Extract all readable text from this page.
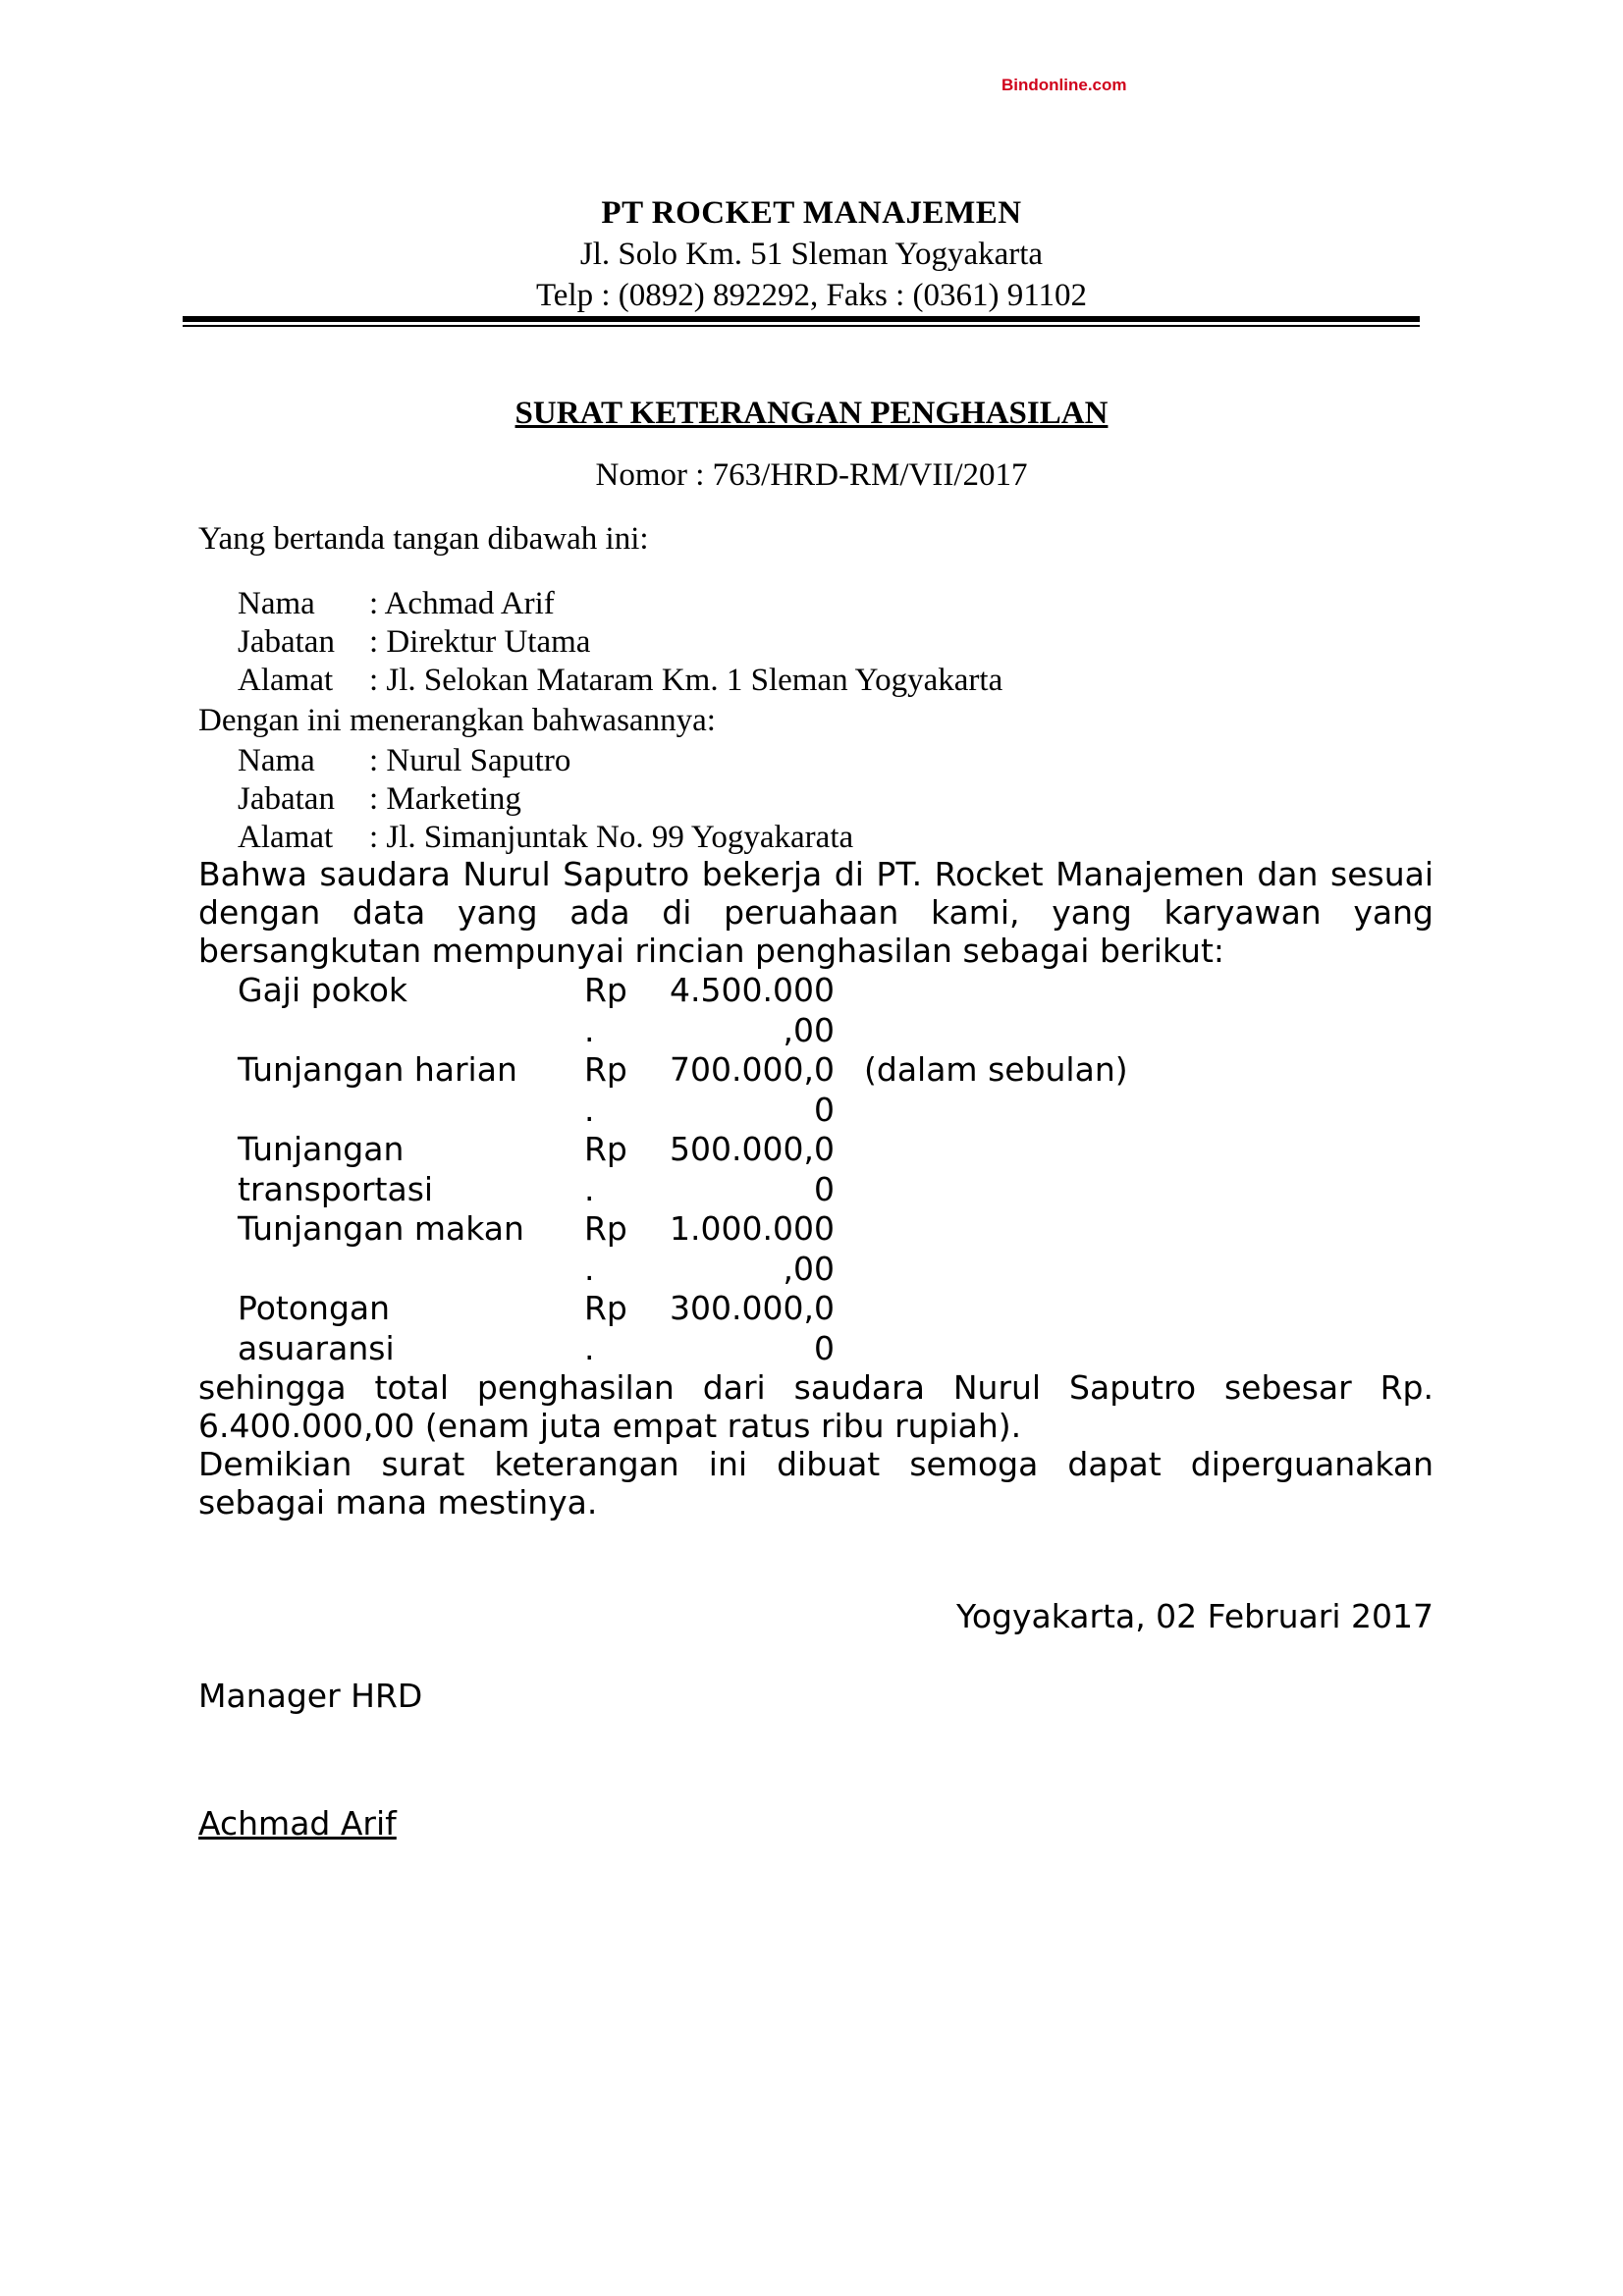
Bindonline.com
PT ROCKET MANAJEMEN
Jl. Solo Km. 51 Sleman Yogyakarta
Telp : (0892) 892292, Faks : (0361) 91102
SURAT KETERANGAN PENGHASILAN
Nomor : 763/HRD-RM/VII/2017
Yang bertanda tangan dibawah ini:
Nama : Achmad Arif
Jabatan : Direktur Utama
Alamat : Jl. Selokan Mataram Km. 1 Sleman Yogyakarta
Dengan ini menerangkan bahwasannya:
Nama : Nurul Saputro
Jabatan : Marketing
Alamat : Jl. Simanjuntak No. 99 Yogyakarata
Bahwa saudara Nurul Saputro bekerja di PT. Rocket Manajemen dan sesuai dengan data yang ada di peruahaan kami, yang karyawan yang bersangkutan mempunyai rincian penghasilan sebagai berikut:
Gaji pokok	Rp	4.500.000
.	,00
Tunjangan harian Rp	700.000,0 (dalam sebulan)
.	0
Tunjangan	Rp	500.000,0
transportasi	.	0
Tunjangan makan Rp	1.000.000
.	,00
Potongan	Rp	300.000,0
asuaransi	.	0
sehingga total penghasilan dari saudara Nurul Saputro sebesar Rp. 6.400.000,00 (enam juta empat ratus ribu rupiah).
Demikian surat keterangan ini dibuat semoga dapat diperguanakan sebagai mana mestinya.
Yogyakarta, 02 Februari 2017
Manager HRD
Achmad Arif
